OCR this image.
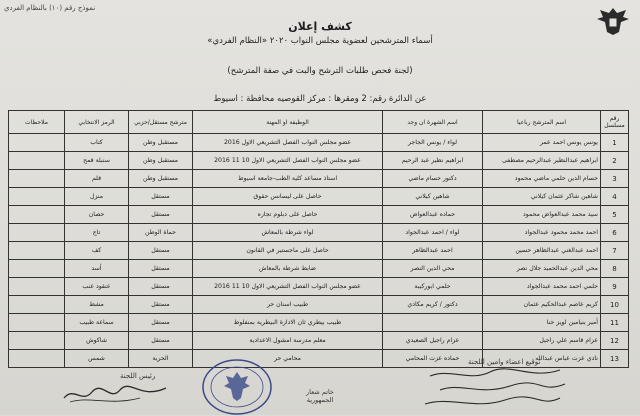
نموذج رقم (١٠) بالنظام الفردي
كشف إعلان
أسماء المترشحين لعضوية مجلس النواب ٢٠٢٠ «النظام الفردي»
(لجنة فحص طلبات الترشح والبت في صفة المترشح)
عن الدائرة رقم: 2 ومقرها : مركز القوصيه محافظة : اسيوط
رقم مسلسل	اسم المترشح رباعيا	اسم الشهرة ان وجد	الوظيفة او المهنة	مترشح مستقل/حزبي	الرمز الانتخابي	ملاحظات
1	يونس يونس احمد عمر	لواء / يونس الجاجر	عضو مجلس النواب الفصل التشريعي الاول 2016	مستقبل وطن	كتاب	
2	ابراهيم عبدالنظير عبدالرحيم مصطفى	ابراهيم نظير عبد الرحيم	عضو مجلس النواب الفصل التشريعي الاول 10 11 2016	مستقبل وطن	سنبلة قمح	
3	حسام الدين حلمي ماضي محمود	دكتور حسام ماضي	استاذ مساعد كلية الطب-جامعة اسيوط	مستقبل وطن	قلم	
4	شاهين شاكر عثمان كيلاني	شاهين كيلاني	حاصل على ليسانس حقوق	مستقل	منزل	
5	سيد محمد عبدالعواض محمود	حماده عبدالعواض	حاصل على دبلوم تجاره	مستقل	حصان	
6	احمد محمد محمود عبدالجواد	لواء / احمد عبدالجواد	لواء شرطة بالمعاش	حماة الوطن	تاج	
7	احمد عبدالغني عبدالظاهر حسين	احمد عبدالظاهر	حاصل على ماجستير في القانون	مستقل	كف	
8	محي الدين عبدالحميد جلال نصر	محي الدين النصر	ضابط شرطة بالمعاش	مستقل	أسد	
9	حلمي احمد محمد عبدالجواد	حلمي ابوركيبة	عضو مجلس النواب الفصل التشريعي الاول 10 11 2016	مستقل	عنقود عنب	
10	كريم عاصم عبدالحكيم عثمان	دكتور / كريم مكادي	طبيب اسنان حر	مستقل	مشط	
11	أمير بنيامين لويز حنا		طبيب بيطري ثان الادارة البيطرية بمنفلوط	مستقل	سماعة طبيب	
12	عزام قاسم علي راجيل	عزام راجيل الصعيدي	معلم مدرسة امشول الاعدادية	مستقل	شاكوش	
13	نادي عزت عباس عبدالله	حماده عزت المحامي	محامي حر	الحرية	شمس	
خاتم شعار الجمهورية
رئيس اللجنة
توقيع اعضاء وامين اللجنة
